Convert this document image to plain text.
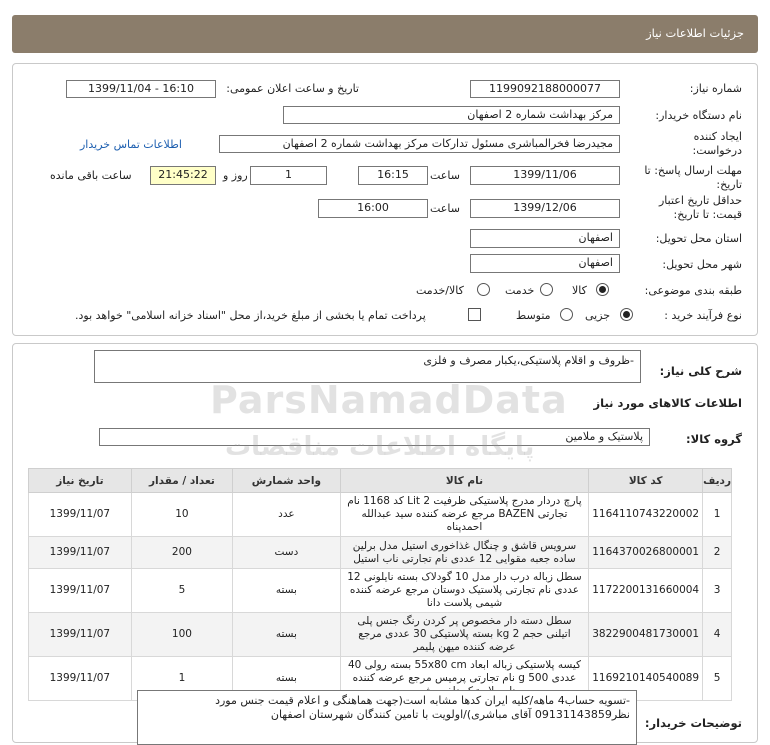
جزئیات اطلاعات نیاز
شماره نیاز:
1199092188000077
تاریخ و ساعت اعلان عمومی:
1399/11/04 - 16:10
نام دستگاه خریدار:
مرکز بهداشت شماره 2 اصفهان
ایجاد کننده درخواست:
مجیدرضا فخرالمباشری مسئول تداركات مرکز بهداشت شماره 2 اصفهان
اطلاعات تماس خریدار
مهلت ارسال پاسخ: تا تاریخ:
1399/11/06
ساعت
16:15
1
روز و
21:45:22
ساعت باقی مانده
حداقل تاریخ اعتبار قیمت: تا تاریخ:
1399/12/06
ساعت
16:00
استان محل تحویل:
اصفهان
شهر محل تحویل:
اصفهان
طبقه بندی موضوعی:
کالا
خدمت
کالا/خدمت
نوع فرآیند خرید :
جزیی
متوسط
پرداخت تمام یا بخشی از مبلغ خرید،از محل "اسناد خزانه اسلامی" خواهد بود.
شرح کلی نیاز:
-ظروف و اقلام پلاستیکی،یکبار مصرف و فلزی
اطلاعات کالاهای مورد نیاز
گروه کالا:
پلاستیک و ملامین
ParsNamadData
پایگاه اطلاعات مناقصات
ردیف	کد کالا	نام کالا	واحد شمارش	تعداد / مقدار	تاریخ نیاز
1	1164110743220002	پارچ دردار مدرج پلاستیکی ظرفیت 2 Lit کد 1168 نام تجارتی BAZEN مرجع عرضه کننده سید عبدالله احمدپناه	عدد	10	1399/11/07
2	1164370026800001	سرویس قاشق و چنگال غذاخوری استیل مدل برلین ساده جعبه مقوایی 12 عددی نام تجارتی ناب استیل	دست	200	1399/11/07
3	1172200131660004	سطل زباله درب دار مدل 10 گودلاک بسته نایلونی 12 عددی نام تجارتی پلاستیک دوستان مرجع عرضه کننده شیمی پلاست دانا	بسته	5	1399/11/07
4	3822900481730001	سطل دسته دار مخصوص پر کردن رنگ جنس پلی اتیلنی حجم 2 kg بسته پلاستیکی 30 عددی مرجع عرضه کننده میهن پلیمر	بسته	100	1399/11/07
5	1169210140540089	کیسه پلاستیکی زباله ابعاد 55x80 cm بسته رولی 40 عددی 500 g نام تجارتی پرمیس مرجع عرضه کننده	بسته	1	1399/11/07
توضیحات خریدار:
-تسویه حساب4 ماهه/کلیه ایران کدها مشابه است(جهت هماهنگی و اعلام قیمت جنس مورد نظر09131143859 آقای مباشری)/اولویت با تامین کنندگان شهرستان اصفهان
